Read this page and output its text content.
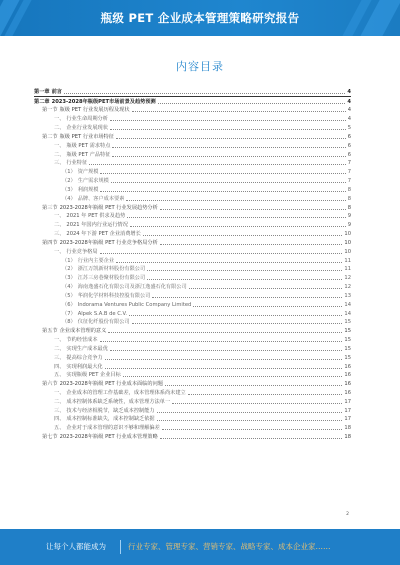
瓶级 PET 企业成本管理策略研究报告
内容目录
第一章 前言	4
第二章 2023-2028年瓶级PET市场前景及趋势预测	4
第一节 瓶级 PET 行业发展历程及现状	4
一、 行业生命周期分析	4
二、 企业行业发展现状	5
第二节 瓶级 PET 行业市场特征	6
一、 瓶级 PET 需求特点	6
二、 瓶级 PET 产品特征	6
三、 行业特征	7
（1） 资产规模	7
（2） 生产需求规模	7
（3） 利润规模	8
（4） 品牌、客户成本要素	8
第三节 2023-2028年瓶级 PET 行业发展趋势分析	8
一、 2021 年 PET 供求及趋势	9
二、 2021 年国内行业运行情况	9
三、 2024 年下游 PET 企业消费增长	10
第四节 2023-2028年瓶级 PET 行业竞争格局分析	10
一、 行业竞争格局	10
（1） 行业内主要企业	11
（2） 浙江万凯新材料股份有限公司	11
（3） 江苏三房巷聚材股份有限公司	12
（4） 海南逸盛石化有限公司及浙江逸盛石化有限公司	12
（5） 华润化学材料科技控股有限公司	13
（6） Indorama Ventures Public Company Limited	14
（7） Alpek S.A.B de C.V.	14
（8） 仪征化纤股份有限公司	15
第五节 企业成本管理的意义	15
一、 节约经营成本	15
二、 实现生产成本最优	15
三、 提高综合竞争力	15
四、 实现利润最大化	16
五、 实现瓶级 PET 企业目标	16
第六节 2023-2028年瓶级 PET 行业成本面临的问题	16
一、 企业成本的管理工作基础差，成本管理体系尚未建立	16
二、 成本控制体系缺乏系统性，成本管理方法单一	17
三、 技术与经济相脱节，缺乏成本控制能力	17
四、 成本控制标准缺失，成本控制缺乏依据	17
五、 企业对于成本管理的意识不够和理解偏差	18
第七节 2023-2028年瓶级 PET 行业成本管理策略	18
2
让每个人都能成为	行业专家、管理专家、营销专家、战略专家、成本企业家……
